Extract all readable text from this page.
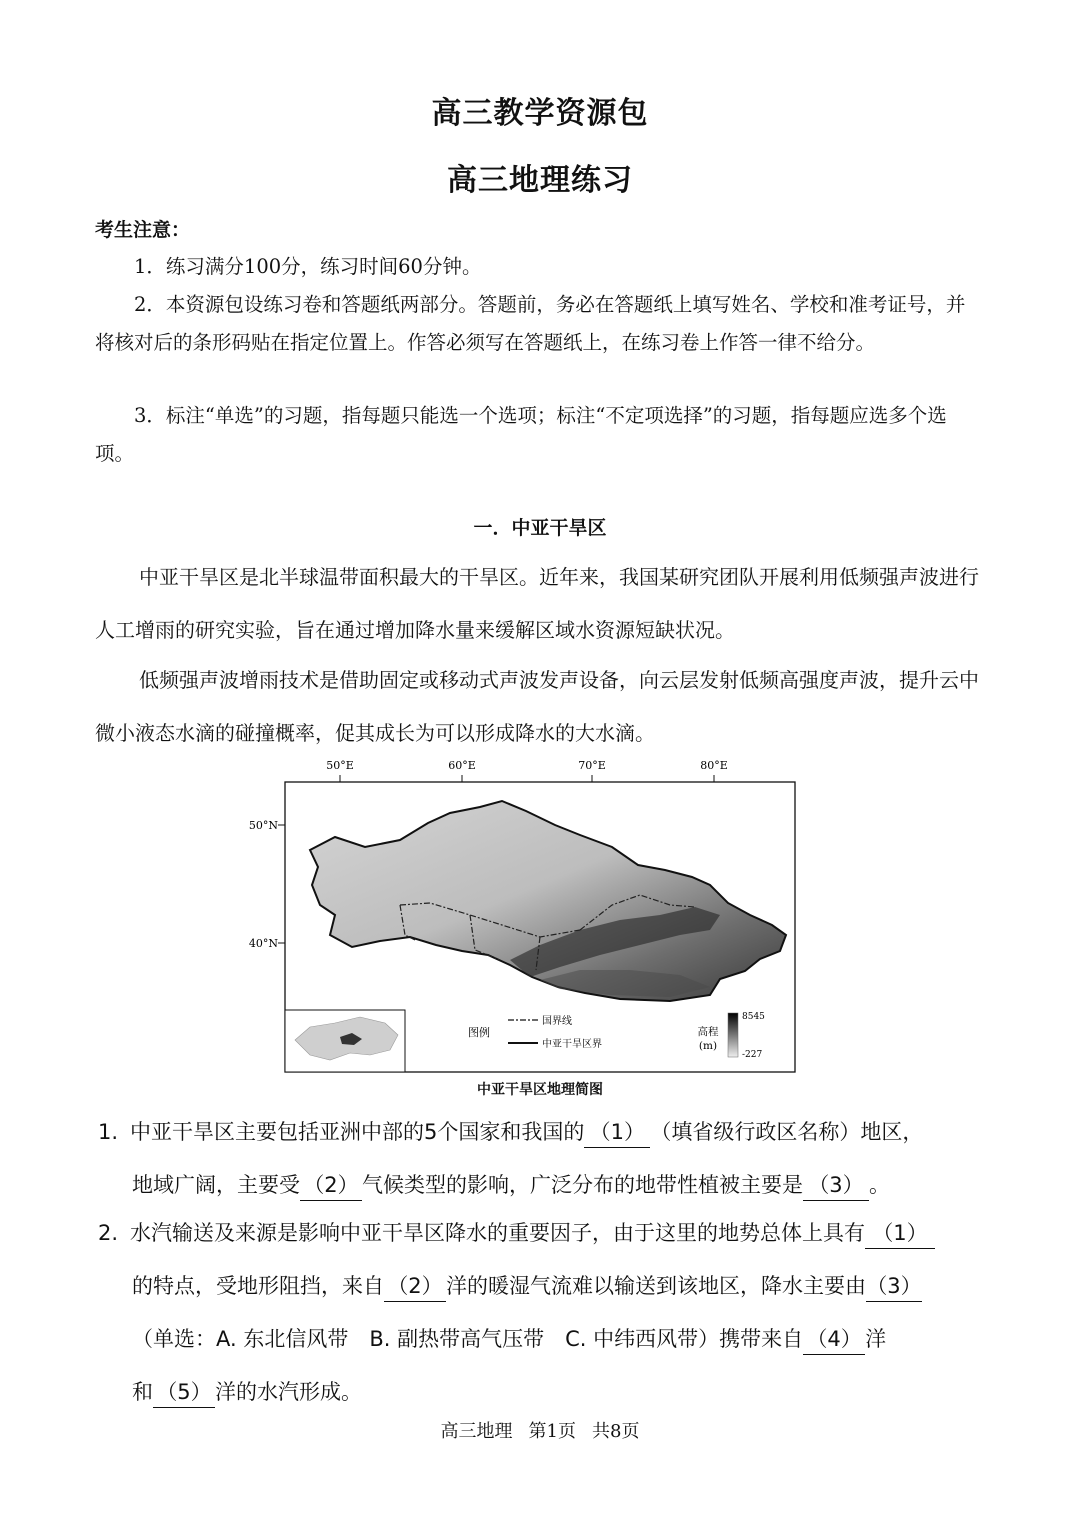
高三教学资源包
高三地理练习
考生注意：
1．练习满分100分，练习时间60分钟。
2．本资源包设练习卷和答题纸两部分。答题前，务必在答题纸上填写姓名、学校和准考证号，并将核对后的条形码贴在指定位置上。作答必须写在答题纸上，在练习卷上作答一律不给分。
3．标注“单选”的习题，指每题只能选一个选项；标注“不定项选择”的习题，指每题应选多个选项。
一．中亚干旱区
中亚干旱区是北半球温带面积最大的干旱区。近年来，我国某研究团队开展利用低频强声波进行人工增雨的研究实验，旨在通过增加降水量来缓解区域水资源短缺状况。
低频强声波增雨技术是借助固定或移动式声波发声设备，向云层发射低频高强度声波，提升云中微小液态水滴的碰撞概率，促其成长为可以形成降水的大水滴。
50°E	60°E	70°E	80°E
50°N
40°N
图例
国界线
中亚干旱区界
高程
(m)
8545
-227
中亚干旱区地理简图
1. 中亚干旱区主要包括亚洲中部的5个国家和我国的 （1） （填省级行政区名称）地区，
地域广阔，主要受 （2） 气候类型的影响，广泛分布的地带性植被主要是 （3） 。
2. 水汽输送及来源是影响中亚干旱区降水的重要因子，由于这里的地势总体上具有 （1）
的特点，受地形阻挡，来自 （2） 洋的暖湿气流难以输送到该地区，降水主要由（3）
（单选：A. 东北信风带　B. 副热带高气压带　C. 中纬西风带）携带来自 （4） 洋
和 （5） 洋的水汽形成。
高三地理 第1页 共8页
